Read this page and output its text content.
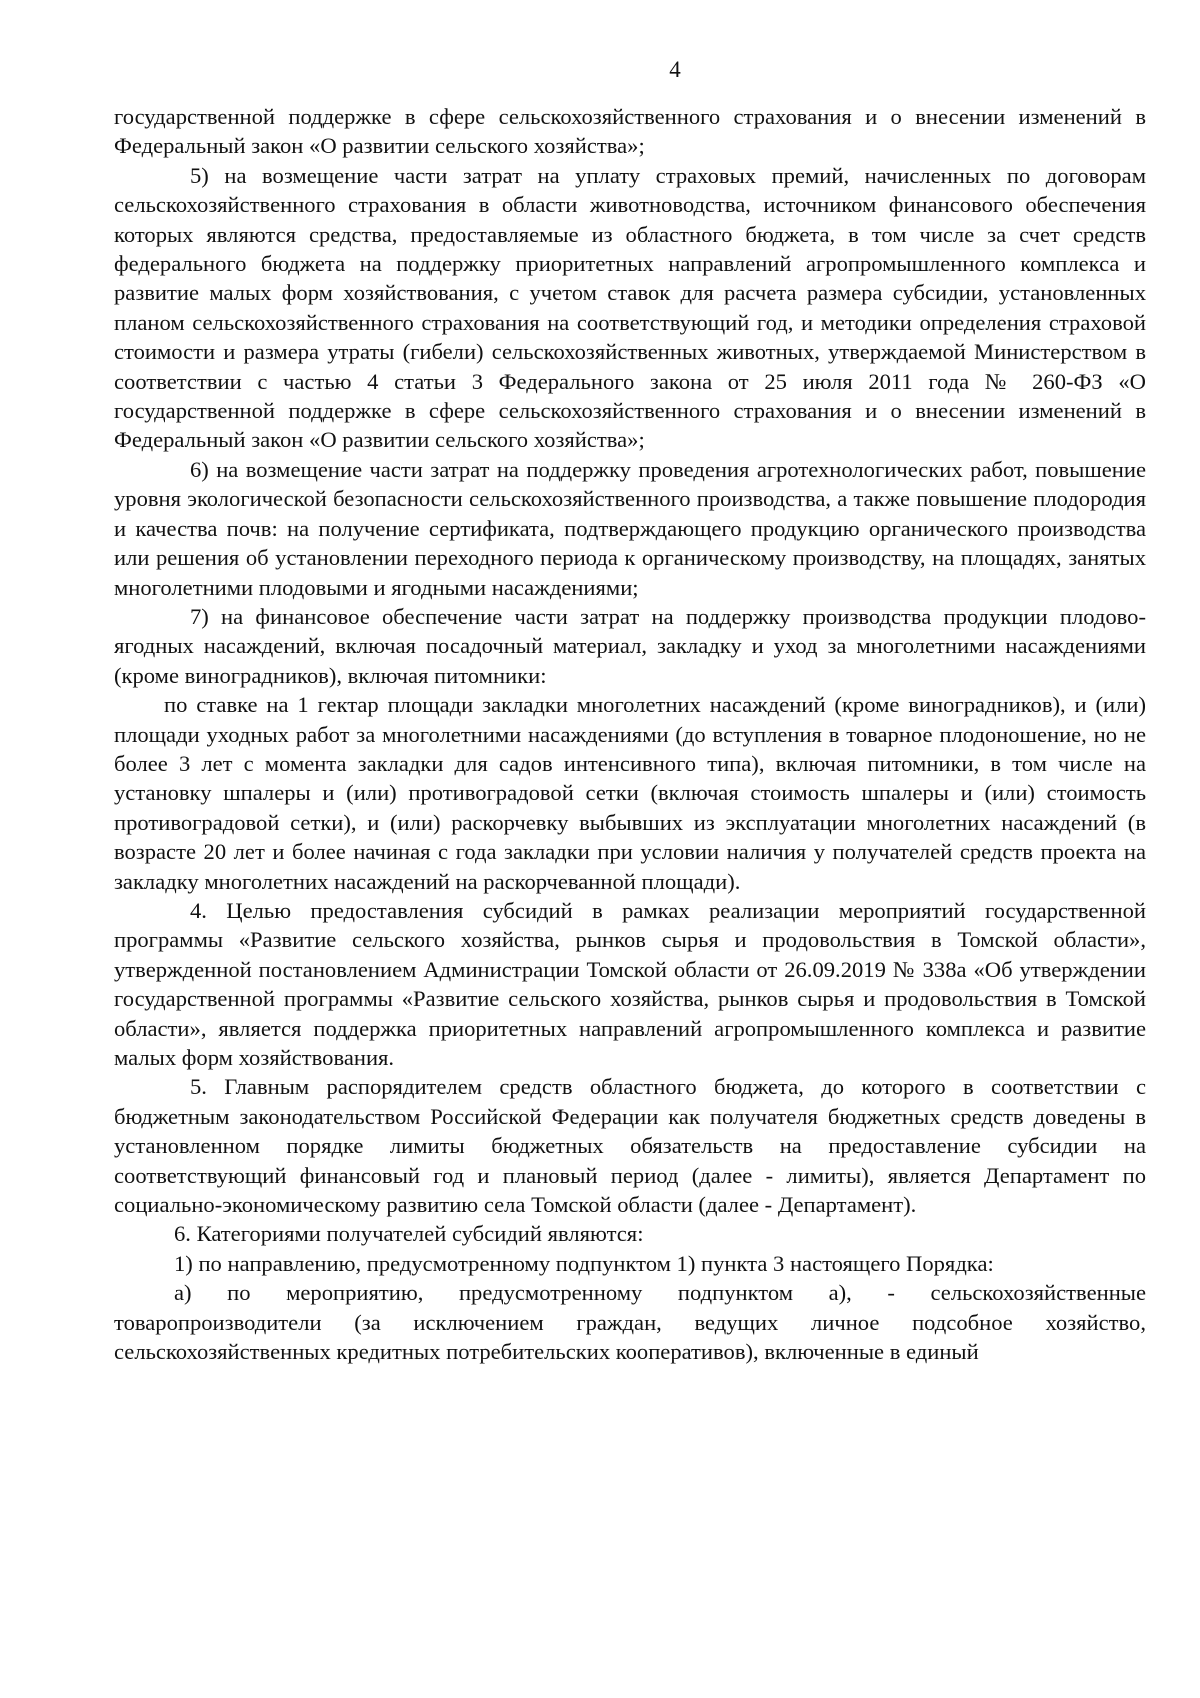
4

государственной поддержке в сфере сельскохозяйственного страхования и о внесении изменений в Федеральный закон «О развитии сельского хозяйства»;

5) на возмещение части затрат на уплату страховых премий, начисленных по договорам сельскохозяйственного страхования в области животноводства, источником финансового обеспечения которых являются средства, предоставляемые из областного бюджета, в том числе за счет средств федерального бюджета на поддержку приоритетных направлений агропромышленного комплекса и развитие малых форм хозяйствования, с учетом ставок для расчета размера субсидии, установленных планом сельскохозяйственного страхования на соответствующий год, и методики определения страховой стоимости и размера утраты (гибели) сельскохозяйственных животных, утверждаемой Министерством в соответствии с частью 4 статьи 3 Федерального закона от 25 июля 2011 года № 260-ФЗ «О государственной поддержке в сфере сельскохозяйственного страхования и о внесении изменений в Федеральный закон «О развитии сельского хозяйства»;

6) на возмещение части затрат на поддержку проведения агротехнологических работ, повышение уровня экологической безопасности сельскохозяйственного производства, а также повышение плодородия и качества почв: на получение сертификата, подтверждающего продукцию органического производства или решения об установлении переходного периода к органическому производству, на площадях, занятых многолетними плодовыми и ягодными насаждениями;

7) на финансовое обеспечение части затрат на поддержку производства продукции плодово-ягодных насаждений, включая посадочный материал, закладку и уход за многолетними насаждениями (кроме виноградников), включая питомники:

по ставке на 1 гектар площади закладки многолетних насаждений (кроме виноградников), и (или) площади уходных работ за многолетними насаждениями (до вступления в товарное плодоношение, но не более 3 лет с момента закладки для садов интенсивного типа), включая питомники, в том числе на установку шпалеры и (или) противоградовой сетки (включая стоимость шпалеры и (или) стоимость противоградовой сетки), и (или) раскорчевку выбывших из эксплуатации многолетних насаждений (в возрасте 20 лет и более начиная с года закладки при условии наличия у получателей средств проекта на закладку многолетних насаждений на раскорчеванной площади).

4. Целью предоставления субсидий в рамках реализации мероприятий государственной программы «Развитие сельского хозяйства, рынков сырья и продовольствия в Томской области», утвержденной постановлением Администрации Томской области от 26.09.2019 № 338а «Об утверждении государственной программы «Развитие сельского хозяйства, рынков сырья и продовольствия в Томской области», является поддержка приоритетных направлений агропромышленного комплекса и развитие малых форм хозяйствования.

5. Главным распорядителем средств областного бюджета, до которого в соответствии с бюджетным законодательством Российской Федерации как получателя бюджетных средств доведены в установленном порядке лимиты бюджетных обязательств на предоставление субсидии на соответствующий финансовый год и плановый период (далее - лимиты), является Департамент по социально-экономическому развитию села Томской области (далее - Департамент).

6. Категориями получателей субсидий являются:

1) по направлению, предусмотренному подпунктом 1) пункта 3 настоящего Порядка:

а) по мероприятию, предусмотренному подпунктом а), - сельскохозяйственные товаропроизводители (за исключением граждан, ведущих личное подсобное хозяйство, сельскохозяйственных кредитных потребительских кооперативов), включенные в единый
